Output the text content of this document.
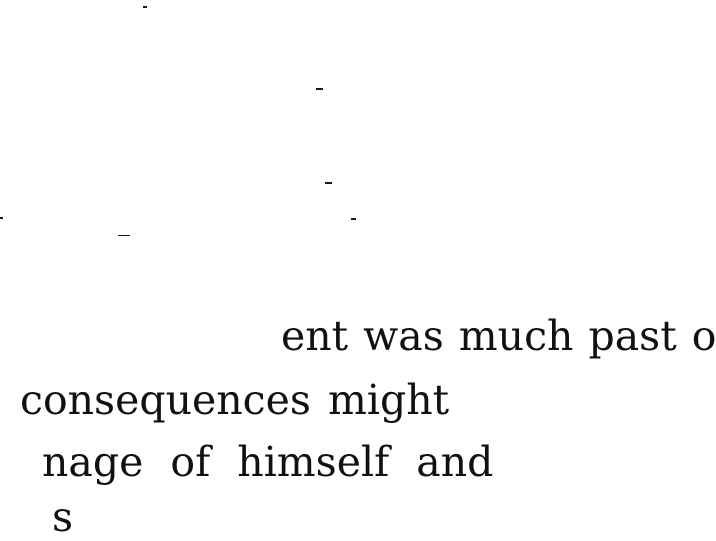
ent was much past o
consequences might
nage of himself and
s
